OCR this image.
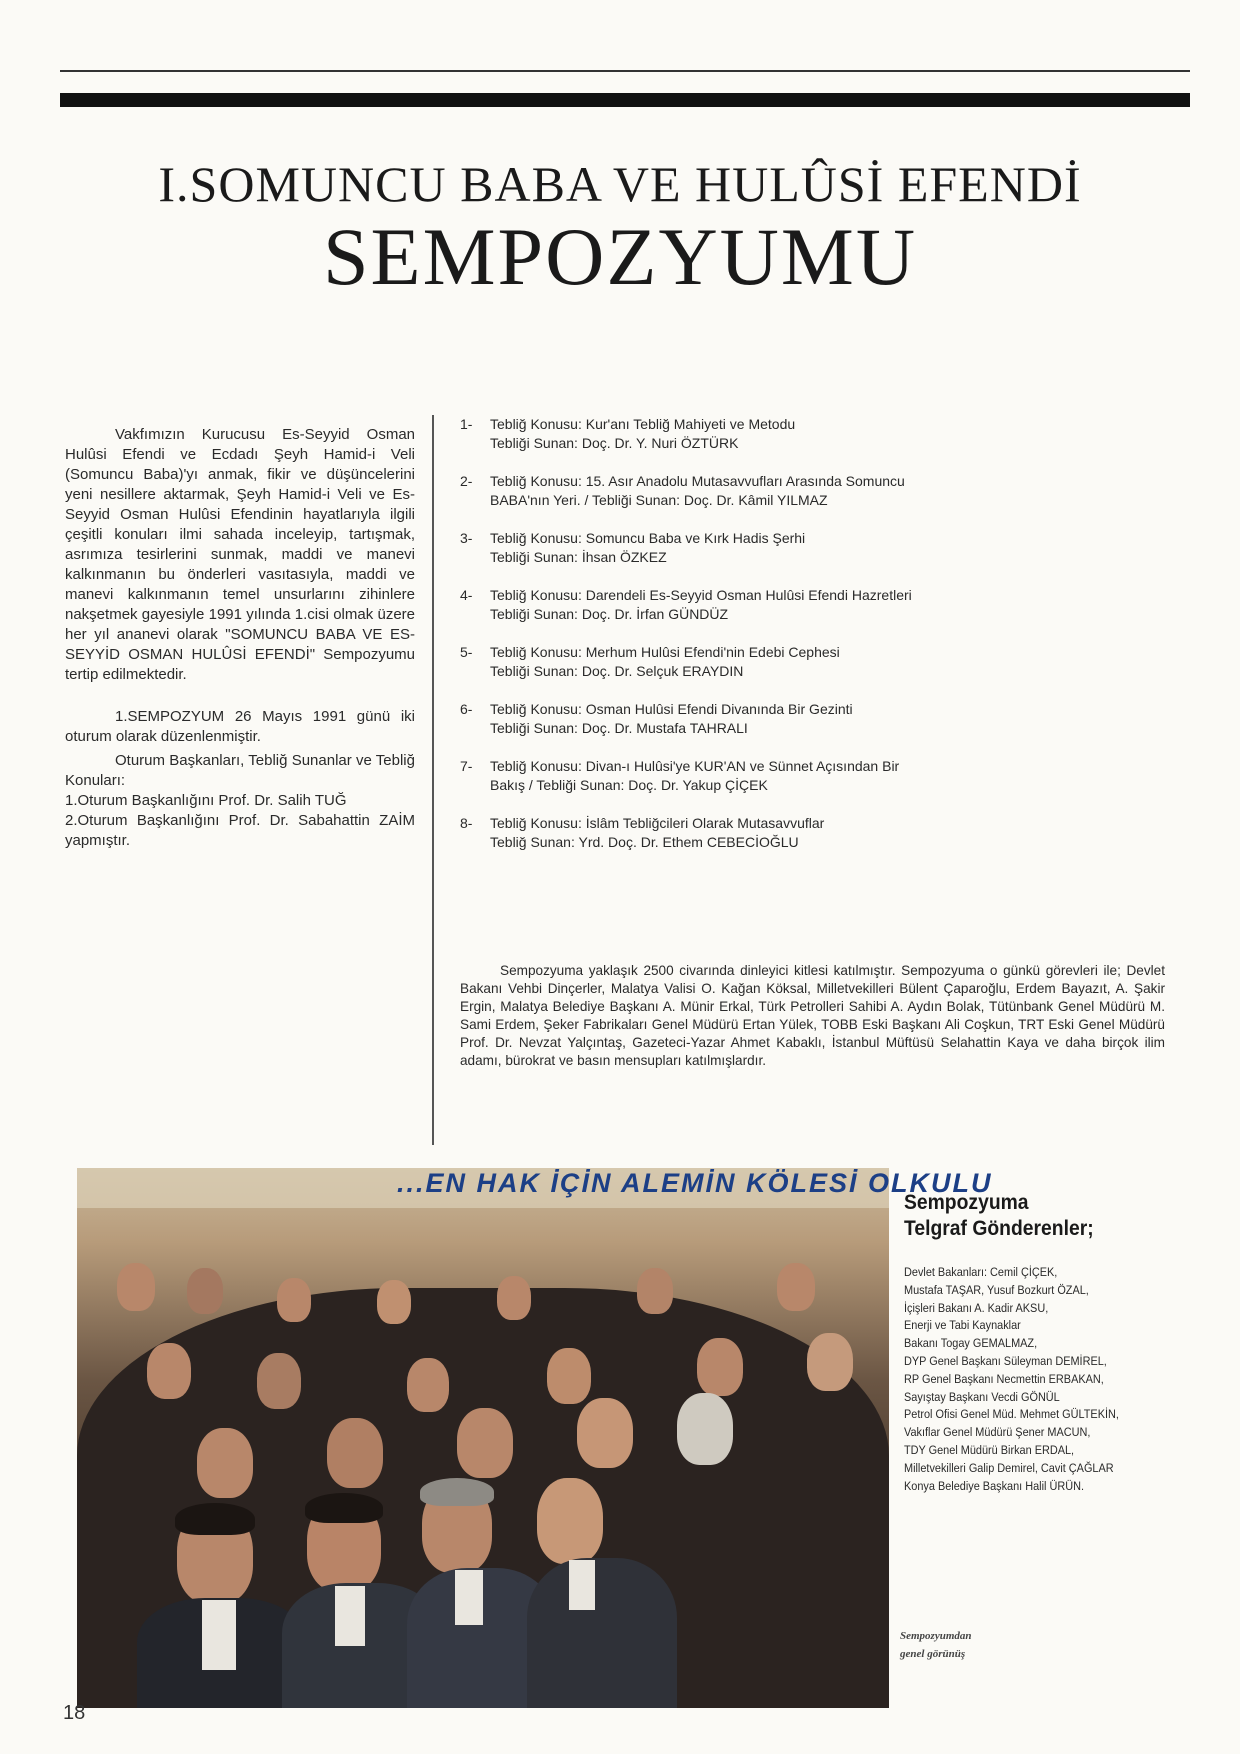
I.SOMUNCU BABA VE HULÛSİ EFENDİ
SEMPOZYUMU

Vakfımızın Kurucusu Es-Seyyid Osman Hulûsi Efendi ve Ecdadı Şeyh Hamid-i Veli (Somuncu Baba)'yı anmak, fikir ve düşüncelerini yeni nesillere aktarmak, Şeyh Hamid-i Veli ve Es-Seyyid Osman Hulûsi Efendinin hayatlarıyla ilgili çeşitli konuları ilmi sahada inceleyip, tartışmak, asrımıza tesirlerini sunmak, maddi ve manevi kalkınmanın bu önderleri vasıtasıyla, maddi ve manevi kalkınmanın temel unsurlarını zihinlere nakşetmek gayesiyle 1991 yılında 1.cisi olmak üzere her yıl ananevi olarak "SOMUNCU BABA VE ES-SEYYİD OSMAN HULÛSİ EFENDİ" Sempozyumu tertip edilmektedir.

1.SEMPOZYUM 26 Mayıs 1991 günü iki oturum olarak düzenlenmiştir.

Oturum Başkanları, Tebliğ Sunanlar ve Tebliğ Konuları:

1.Oturum Başkanlığını Prof. Dr. Salih TUĞ

2.Oturum Başkanlığını Prof. Dr. Sabahattin ZAİM yapmıştır.

1-	Tebliğ Konusu: Kur'anı Tebliğ Mahiyeti ve Metodu
Tebliği Sunan: Doç. Dr. Y. Nuri ÖZTÜRK
2-	Tebliğ Konusu: 15. Asır Anadolu Mutasavvufları Arasında Somuncu
BABA'nın Yeri. / Tebliği Sunan: Doç. Dr. Kâmil YILMAZ
3-	Tebliğ Konusu: Somuncu Baba ve Kırk Hadis Şerhi
Tebliği Sunan: İhsan ÖZKEZ
4-	Tebliğ Konusu: Darendeli Es-Seyyid Osman Hulûsi Efendi Hazretleri
Tebliği Sunan: Doç. Dr. İrfan GÜNDÜZ
5-	Tebliğ Konusu: Merhum Hulûsi Efendi'nin Edebi Cephesi
Tebliği Sunan: Doç. Dr. Selçuk ERAYDIN
6-	Tebliğ Konusu: Osman Hulûsi Efendi Divanında Bir Gezinti
Tebliği Sunan: Doç. Dr. Mustafa TAHRALI
7-	Tebliğ Konusu: Divan-ı Hulûsi'ye KUR'AN ve Sünnet Açısından Bir
Bakış / Tebliği Sunan: Doç. Dr. Yakup ÇİÇEK
8-	Tebliğ Konusu: İslâm Tebliğcileri Olarak Mutasavvuflar
Tebliğ Sunan: Yrd. Doç. Dr. Ethem CEBECİOĞLU

Sempozyuma yaklaşık 2500 civarında dinleyici kitlesi katılmıştır. Sempozyuma o günkü görevleri ile; Devlet Bakanı Vehbi Dinçerler, Malatya Valisi O. Kağan Köksal, Milletvekilleri Bülent Çaparoğlu, Erdem Bayazıt, A. Şakir Ergin, Malatya Belediye Başkanı A. Münir Erkal, Türk Petrolleri Sahibi A. Aydın Bolak, Tütünbank Genel Müdürü M. Sami Erdem, Şeker Fabrikaları Genel Müdürü Ertan Yülek, TOBB Eski Başkanı Ali Coşkun, TRT Eski Genel Müdürü Prof. Dr. Nevzat Yalçıntaş, Gazeteci-Yazar Ahmet Kabaklı, İstanbul Müftüsü Selahattin Kaya ve daha birçok ilim adamı, bürokrat ve basın mensupları katılmışlardır.

...EN HAK İÇİN ALEMİN KÖLESİ OLKULU
Sempozyuma
Telgraf Gönderenler;
Devlet Bakanları: Cemil ÇİÇEK,
Mustafa TAŞAR, Yusuf Bozkurt ÖZAL,
İçişleri Bakanı A. Kadir AKSU,
Enerji ve Tabi Kaynaklar
Bakanı Togay GEMALMAZ,
DYP Genel Başkanı Süleyman DEMİREL,
RP Genel Başkanı Necmettin ERBAKAN,
Sayıştay Başkanı Vecdi GÖNÜL
Petrol Ofisi Genel Müd. Mehmet GÜLTEKİN,
Vakıflar Genel Müdürü Şener MACUN,
TDY Genel Müdürü Birkan ERDAL,
Milletvekilleri Galip Demirel, Cavit ÇAĞLAR
Konya Belediye Başkanı Halil ÜRÜN.
Sempozyumdan
genel görünüş
18
